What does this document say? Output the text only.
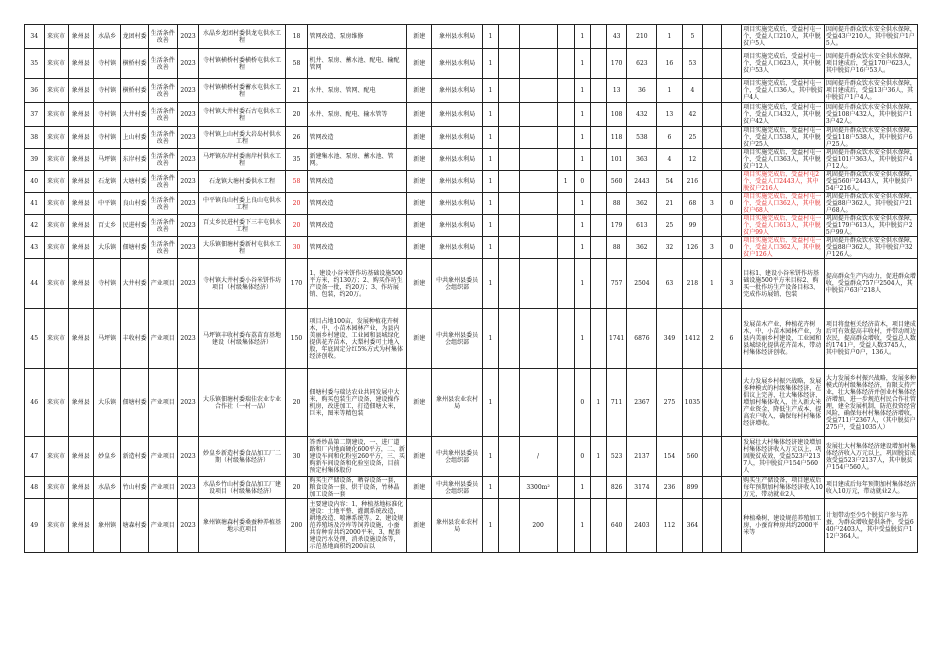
34	来宾市	象州县	水晶乡	龙团村委	生活条件改善	2023	水晶乡龙团村委供龙屯供水工程	18	管网改造、泵房维修	新建	象州县水利局	1				1		43	210	1	5			项目实施完成后，受益村屯一个，受益人口210人，其中脱贫户5人	因间提升群众饮水安全供水保障，受益43户210人，其中脱贫户1户5人。
35	来宾市	象州县	寺村镇	横桥村委	生活条件改善	2023	寺村镇横桥村委横桥屯供水工程	58	机井、泵房、蓄水池、配电、输配管网	新建	象州县水利局	1				1		170	623	16	53			项目实施完成后，受益村屯一个，受益人口623人，其中脱贫户53人	因间提升群众饮水安全供水保障，项目建成后，受益170户623人，其中脱贫户16户53人。
36	来宾市	象州县	寺村镇	横桥村委	生活条件改善	2023	寺村镇横桥村委蓄水屯供水工程	21	水井、泵房、管网、配电	新建	象州县水利局	1				1		13	36	1	4			项目实施完成后，受益村屯一个，受益人口36人，其中脱贫户4人	因间提升群众饮水安全供水保障，项目建成后，受益13户36人，其中脱贫户1户4人。
37	来宾市	象州县	寺村镇	大井村委	生活条件改善	2023	寺村镇大井村委石古屯供水工程	20	水井、泵房、配电、输水管等	新建	象州县水利局	1				1		108	432	13	42			项目实施完成后，受益村屯一个，受益人口432人，其中脱贫户42人	因间提升群众饮水安全供水保障，受益108户432人，其中脱贫户13户42人。
38	来宾市	象州县	寺村镇	上山村委	生活条件改善	2023	寺村镇上山村委大岩岛村供水工程	26	管网改造	新建	象州县水利局	1				1		118	538	6	25			项目实施完成后，受益村屯一个，受益人口538人，其中脱贫户25人	巩固提升群众饮水安全供水保障，受益118户538人，其中脱贫户6户25人。
39	来宾市	象州县	马坪镇	东岸村委	生活条件改善	2023	马坪镇东岸村委南岸村供水工程	35	新建集水池、泵房、蓄水池、管网。	新建	象州县水利局	1				1		101	363	4	12			项目实施完成后，受益村屯一个，受益人口363人，其中脱贫户12人	巩固提升群众饮水安全供水保障，受益101户363人，其中脱贫户4户12人。
40	来宾市	象州县	石龙镇	大塘村委	生活条件改善	2023	石龙镇大塘村委供水工程	58	管网改造	新建	象州县水利局	1			1	0		560	2443	54	216			项目实施完成后，受益村屯2个，受益人口2443人，其中脱贫户216人	巩固提升群众饮水安全供水保障，受益560户2443人，其中脱贫户54户216人。
41	来宾市	象州县	中平镇	良山村委	生活条件改善	2023	中平镇良山村委上良山屯供水工程	20	管网改造	新建	象州县水利局	1				1		88	362	21	68	3	0	项目实施完成后，受益村屯一个，受益人口362人，其中脱贫户68人	巩固提升群众饮水安全供水保障，受益88户362人，其中脱贫户21户68人。
42	来宾市	象州县	百丈乡	民进村委	生活条件改善	2023	百丈乡民进村委下三丰屯供水工程	20	管网改造	新建	象州县水利局	1				1		179	613	25	99			项目实施完成后，受益村屯一个，受益人口613人，其中脱贫户99人	巩固提升群众饮水安全供水保障，受益179户613人，其中脱贫户25户99人。
43	来宾市	象州县	大乐镇	佃塘村委	生活条件改善	2023	大乐镇佃塘村委新村屯供水工程	30	管网改造	新建	象州县水利局	1				1		88	362	32	126	3	0	项目实施完成后，受益村屯一个，受益人口362人，其中脱贫户126人	巩固提升群众饮水安全供水保障，受益88户362人，其中脱贫户32户126人。
44	来宾市	象州县	寺村镇	大井村委	产业项目	2023	寺村镇大井村委小谷米饼作坊项目（村级集体经济）	170	1、建设小谷米饼作坊基础设施500平方米，约130万；2、购买作坊生产设备一批，约20万；3、作坊展销、包装，约20万。	新建	中共象州县委员会组织部	1				1		757	2504	63	218	1	3	目标1、建设小谷米饼作坊基础设施500平方米目标2、购买一批作坊生产设备目标3、完成作坊展销、包装	提高群众生产内动力，促进群众增收，受益群众757户2504人，其中脱贫户63户218人
45	来宾市	象州县	马坪镇	丰收村委	产业项目	2023	马坪镇丰收村委布荔苗育基地建设（村级集体经济）	150	项目占地100亩，发展种植花卉树木，中、小苗木园林产业，为县内美丽乡村建设、工业园和县城绿化提供花卉苗木，大梨村委可土地入股，年底固定分红5%方式为村集体经济创收。	新建	中共象州县委员会组织部	1				1		1741	6876	349	1412	2	6	发展苗木产业，种植花卉树木，中、小苗木园林产业，为县内美丽乡村建设，工业园和县城绿化提供花卉苗木，带动村集体经济创收。	项目将盘桓关经济苗木，项目建成后可有效提高丰收村，并带动周边农民，提高群众增收，受益总人数约1741户，受益人数3745人，其中脱贫户0户，136人。
46	来宾市	象州县	大乐镇	佃塘村委	产业项目	2023	大乐镇佃塘村委瑞佳农业专业合作社（一村一品）	20	佃塘村委与瑞达农业共同发展中大米，购买包装生产设备，建设操作机房，改进加工，打造佃塘大米，巨米，图米等精包装	新建	象州县农业农村局	1				0	1	711	2367	275	1035			大力发展乡村振兴战略，发展多种模式的村级集体经济，在倡议上完善，壮大集体经济，增加村集体收入，注入新大米产业资金，降低生产成本，提高农户收入，确保每村村集体经济增收。	大力发展乡村振兴战略，发展多种模式的村级集体经济，育限支持产业，壮大集体经济并创业村集体经济增加，进一步规范村民合作社管理，建全发展机制，防范投资经营风险，确保每村村集体经济增收，受益711户2367人，（其中脱贫户275户，受益1035人）
47	来宾市	象州县	妙皇乡	新造村委	产业项目	2023	妙皇乡新造村委食品加工厂二期（村级集体经济）	30	答香炒晶第二期建设，一、进厂道路和厂内地面硬化600平方，二、新建设车间和化粉室260平方，三、买购新车间设备和化验室设备，目前预定村集体股份	新建	中共象州县委员会组织部	1		/		0	1	523	2137	154	560			发展壮大村集体经济建设增加村集体经济收入万元以上，巩固脱贫成效，受益523户2137人，其中脱贫户154户560人	发展壮大村集体经济建设增加村集体经济收入万元以上，巩固脱贫成效受益523户2137人，其中脱贫户154户560人。
48	来宾市	象州县	水晶乡	竹山村委	产业项目	2023	水晶乡竹山村委食品加工厂建设项目（村级集体经济）	20	购买生产储设备，晒谷设备一套，粮食设备一套、烘干设备，竹林晶加工设备一套	新建	中共象州县委员会组织部	1		3300m²		1		826	3174	236	899			购买生产储设备，项目建成后每年预期加村集体经济收入10万元，带动就业2人	项目建成后每年预期加村集体经济收入10万元，带动就业2人。
49	来宾市	象州县	象州镇	塘森村委	产业项目	2023	象州镇塘森村委桑蚕种养植基地示范项目	200	主要建设内容：1、种植基地标准化建设：土地平整、灌溉系统改造，耕地改造、喷淋系统等。2、建设规范养殖场及冷库等饲养设施，小蚕共育种育共约2000平米，3、配套建设污水处理，消杀设施设备等，示范基地面积约200亩以	新建	象州县农业农村局	1		200		1		640	2403	112	364			种植桑树，建设规范养殖加工房，小蚕育种房共约2000平米等	计划带动至少5个脱贫户参与养蚕，为群众增收提供条件，受益640户2403人，其中受益脱贫户112户364人。
